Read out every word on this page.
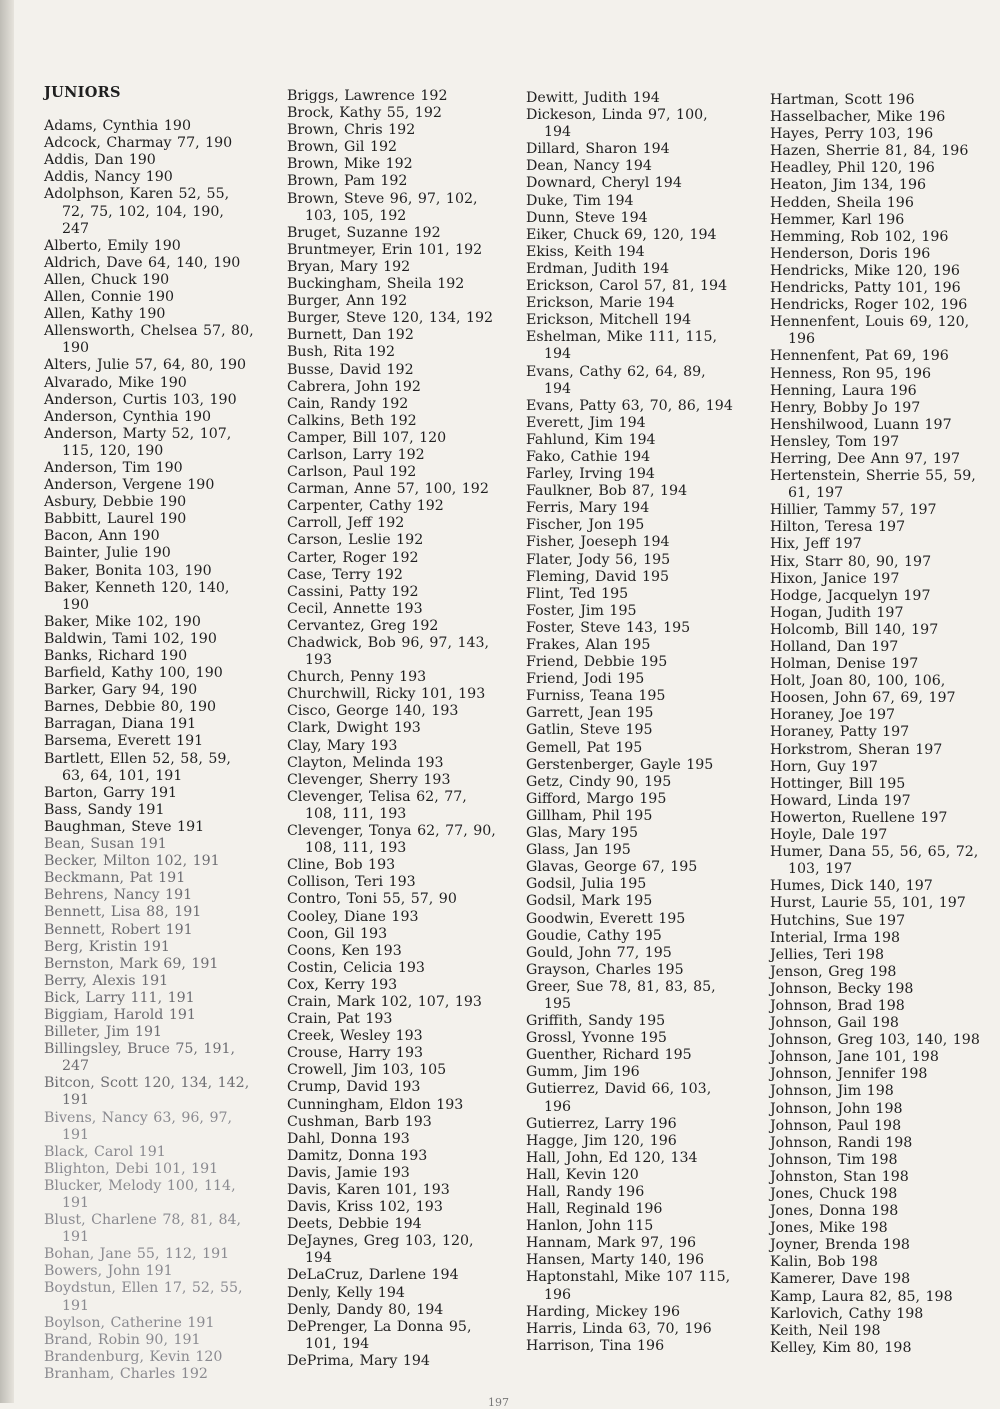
JUNIORS
Adams, Cynthia 190
Adcock, Charmay 77, 190
Addis, Dan 190
Addis, Nancy 190
Adolphson, Karen 52, 55, 72, 75, 102, 104, 190, 247
Alberto, Emily 190
Aldrich, Dave 64, 140, 190
Allen, Chuck 190
Allen, Connie 190
Allen, Kathy 190
Allensworth, Chelsea 57, 80, 190
Alters, Julie 57, 64, 80, 190
Alvarado, Mike 190
Anderson, Curtis 103, 190
Anderson, Cynthia 190
Anderson, Marty 52, 107, 115, 120, 190
Anderson, Tim 190
Anderson, Vergene 190
Asbury, Debbie 190
Babbitt, Laurel 190
Bacon, Ann 190
Bainter, Julie 190
Baker, Bonita 103, 190
Baker, Kenneth 120, 140, 190
Baker, Mike 102, 190
Baldwin, Tami 102, 190
Banks, Richard 190
Barfield, Kathy 100, 190
Barker, Gary 94, 190
Barnes, Debbie 80, 190
Barragan, Diana 191
Barsema, Everett 191
Bartlett, Ellen 52, 58, 59, 63, 64, 101, 191
Barton, Garry 191
Bass, Sandy 191
Baughman, Steve 191
Bean, Susan 191
Becker, Milton 102, 191
Beckmann, Pat 191
Behrens, Nancy 191
Bennett, Lisa 88, 191
Bennett, Robert 191
Berg, Kristin 191
Bernston, Mark 69, 191
Berry, Alexis 191
Bick, Larry 111, 191
Biggiam, Harold 191
Billeter, Jim 191
Billingsley, Bruce 75, 191, 247
Bitcon, Scott 120, 134, 142, 191
Bivens, Nancy 63, 96, 97, 191
Black, Carol 191
Blighton, Debi 101, 191
Blucker, Melody 100, 114, 191
Blust, Charlene 78, 81, 84, 191
Bohan, Jane 55, 112, 191
Bowers, John 191
Boydstun, Ellen 17, 52, 55, 191
Boylson, Catherine 191
Brand, Robin 90, 191
Brandenburg, Kevin 120
Branham, Charles 192
Briggs, Lawrence 192
Brock, Kathy 55, 192
Brown, Chris 192
Brown, Gil 192
Brown, Mike 192
Brown, Pam 192
Brown, Steve 96, 97, 102, 103, 105, 192
Bruget, Suzanne 192
Bruntmeyer, Erin 101, 192
Bryan, Mary 192
Buckingham, Sheila 192
Burger, Ann 192
Burger, Steve 120, 134, 192
Burnett, Dan 192
Bush, Rita 192
Busse, David 192
Cabrera, John 192
Cain, Randy 192
Calkins, Beth 192
Camper, Bill 107, 120
Carlson, Larry 192
Carlson, Paul 192
Carman, Anne 57, 100, 192
Carpenter, Cathy 192
Carroll, Jeff 192
Carson, Leslie 192
Carter, Roger 192
Case, Terry 192
Cassini, Patty 192
Cecil, Annette 193
Cervantez, Greg 192
Chadwick, Bob 96, 97, 143, 193
Church, Penny 193
Churchwill, Ricky 101, 193
Cisco, George 140, 193
Clark, Dwight 193
Clay, Mary 193
Clayton, Melinda 193
Clevenger, Sherry 193
Clevenger, Telisa 62, 77, 108, 111, 193
Clevenger, Tonya 62, 77, 90, 108, 111, 193
Cline, Bob 193
Collison, Teri 193
Contro, Toni 55, 57, 90
Cooley, Diane 193
Coon, Gil 193
Coons, Ken 193
Costin, Celicia 193
Cox, Kerry 193
Crain, Mark 102, 107, 193
Crain, Pat 193
Creek, Wesley 193
Crouse, Harry 193
Crowell, Jim 103, 105
Crump, David 193
Cunningham, Eldon 193
Cushman, Barb 193
Dahl, Donna 193
Damitz, Donna 193
Davis, Jamie 193
Davis, Karen 101, 193
Davis, Kriss 102, 193
Deets, Debbie 194
DeJaynes, Greg 103, 120, 194
DeLaCruz, Darlene 194
Denly, Kelly 194
Denly, Dandy 80, 194
DePrenger, La Donna 95, 101, 194
DePrima, Mary 194
Dewitt, Judith 194
Dickeson, Linda 97, 100, 194
Dillard, Sharon 194
Dean, Nancy 194
Downard, Cheryl 194
Duke, Tim 194
Dunn, Steve 194
Eiker, Chuck 69, 120, 194
Ekiss, Keith 194
Erdman, Judith 194
Erickson, Carol 57, 81, 194
Erickson, Marie 194
Erickson, Mitchell 194
Eshelman, Mike 111, 115, 194
Evans, Cathy 62, 64, 89, 194
Evans, Patty 63, 70, 86, 194
Everett, Jim 194
Fahlund, Kim 194
Fako, Cathie 194
Farley, Irving 194
Faulkner, Bob 87, 194
Ferris, Mary 194
Fischer, Jon 195
Fisher, Joeseph 194
Flater, Jody 56, 195
Fleming, David 195
Flint, Ted 195
Foster, Jim 195
Foster, Steve 143, 195
Frakes, Alan 195
Friend, Debbie 195
Friend, Jodi 195
Furniss, Teana 195
Garrett, Jean 195
Gatlin, Steve 195
Gemell, Pat 195
Gerstenberger, Gayle 195
Getz, Cindy 90, 195
Gifford, Margo 195
Gillham, Phil 195
Glas, Mary 195
Glass, Jan 195
Glavas, George 67, 195
Godsil, Julia 195
Godsil, Mark 195
Goodwin, Everett 195
Goudie, Cathy 195
Gould, John 77, 195
Grayson, Charles 195
Greer, Sue 78, 81, 83, 85, 195
Griffith, Sandy 195
Grossl, Yvonne 195
Guenther, Richard 195
Gumm, Jim 196
Gutierrez, David 66, 103, 196
Gutierrez, Larry 196
Hagge, Jim 120, 196
Hall, John, Ed 120, 134
Hall, Kevin 120
Hall, Randy 196
Hall, Reginald 196
Hanlon, John 115
Hannam, Mark 97, 196
Hansen, Marty 140, 196
Haptonstahl, Mike 107 115, 196
Harding, Mickey 196
Harris, Linda 63, 70, 196
Harrison, Tina 196
Hartman, Scott 196
Hasselbacher, Mike 196
Hayes, Perry 103, 196
Hazen, Sherrie 81, 84, 196
Headley, Phil 120, 196
Heaton, Jim 134, 196
Hedden, Sheila 196
Hemmer, Karl 196
Hemming, Rob 102, 196
Henderson, Doris 196
Hendricks, Mike 120, 196
Hendricks, Patty 101, 196
Hendricks, Roger 102, 196
Hennenfent, Louis 69, 120, 196
Hennenfent, Pat 69, 196
Henness, Ron 95, 196
Henning, Laura 196
Henry, Bobby Jo 197
Henshilwood, Luann 197
Hensley, Tom 197
Herring, Dee Ann 97, 197
Hertenstein, Sherrie 55, 59, 61, 197
Hillier, Tammy 57, 197
Hilton, Teresa 197
Hix, Jeff 197
Hix, Starr 80, 90, 197
Hixon, Janice 197
Hodge, Jacquelyn 197
Hogan, Judith 197
Holcomb, Bill 140, 197
Holland, Dan 197
Holman, Denise 197
Holt, Joan 80, 100, 106,
Hoosen, John 67, 69, 197
Horaney, Joe 197
Horaney, Patty 197
Horkstrom, Sheran 197
Horn, Guy 197
Hottinger, Bill 195
Howard, Linda 197
Howerton, Ruellene 197
Hoyle, Dale 197
Humer, Dana 55, 56, 65, 72, 103, 197
Humes, Dick 140, 197
Hurst, Laurie 55, 101, 197
Hutchins, Sue 197
Interial, Irma 198
Jellies, Teri 198
Jenson, Greg 198
Johnson, Becky 198
Johnson, Brad 198
Johnson, Gail 198
Johnson, Greg 103, 140, 198
Johnson, Jane 101, 198
Johnson, Jennifer 198
Johnson, Jim 198
Johnson, John 198
Johnson, Paul 198
Johnson, Randi 198
Johnson, Tim 198
Johnston, Stan 198
Jones, Chuck 198
Jones, Donna 198
Jones, Mike 198
Joyner, Brenda 198
Kalin, Bob 198
Kamerer, Dave 198
Kamp, Laura 82, 85, 198
Karlovich, Cathy 198
Keith, Neil 198
Kelley, Kim 80, 198
197
